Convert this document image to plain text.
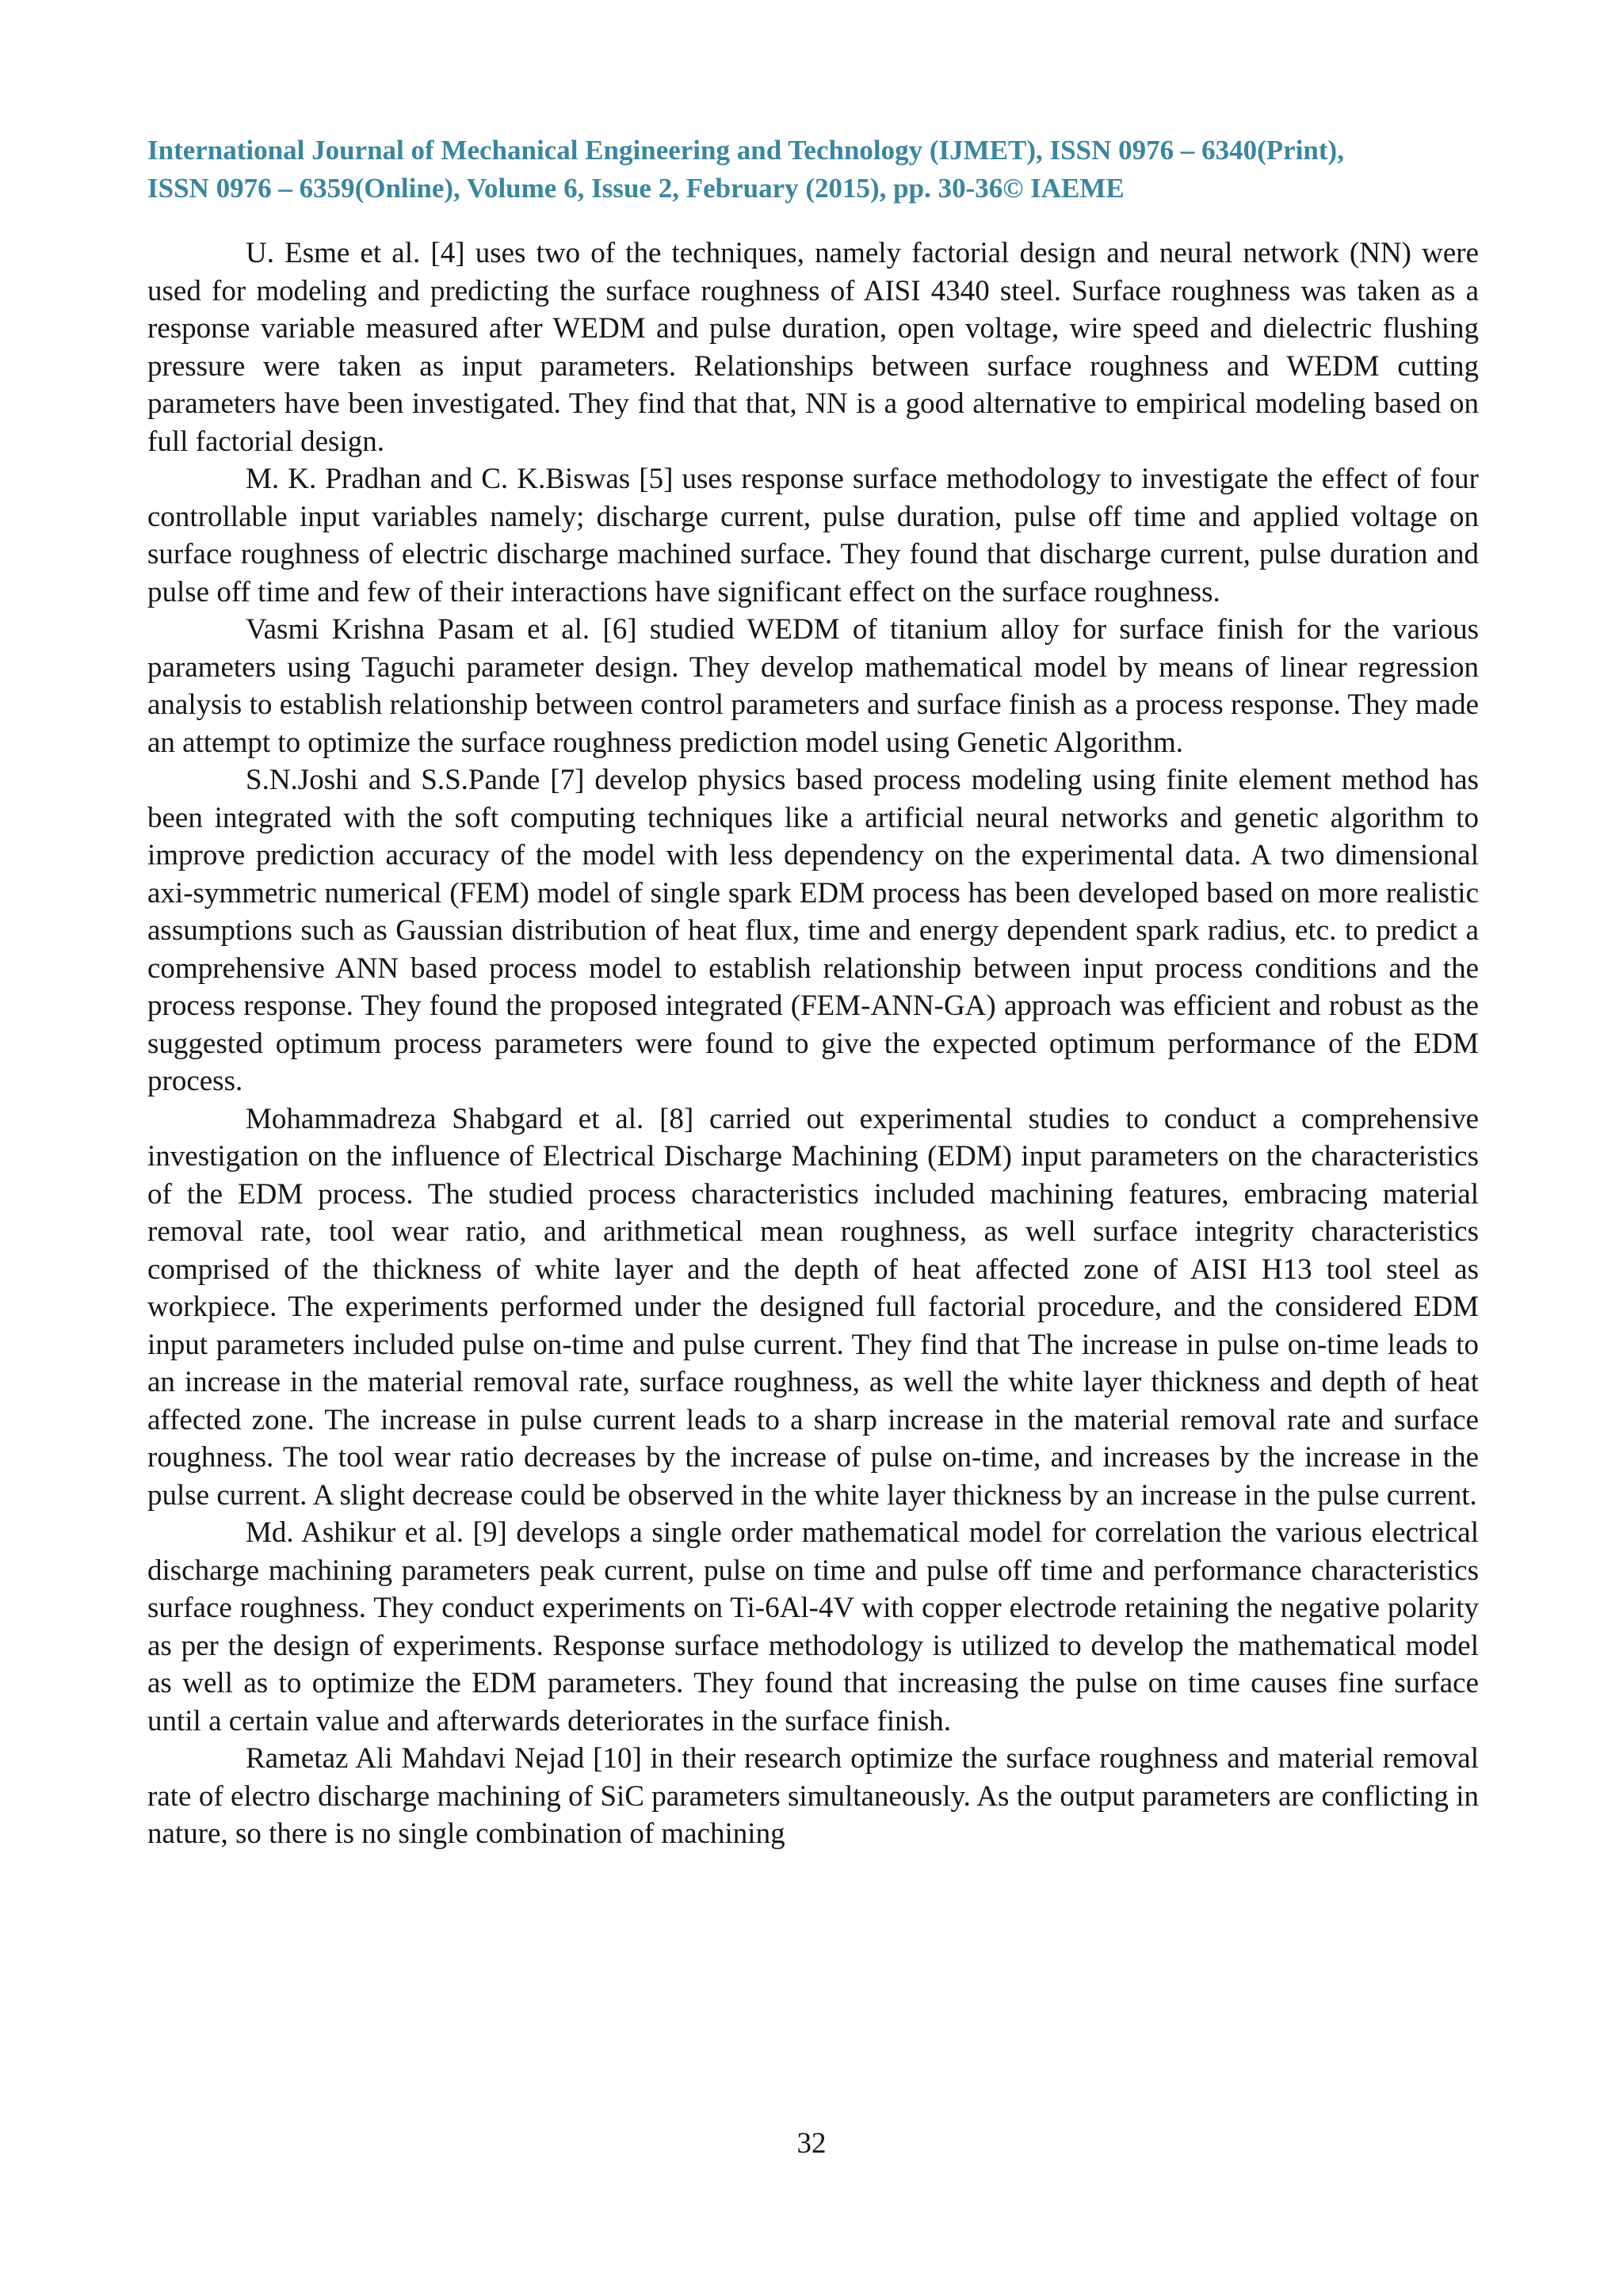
International Journal of Mechanical Engineering and Technology (IJMET), ISSN 0976 – 6340(Print),

ISSN 0976 – 6359(Online), Volume 6, Issue 2, February (2015), pp. 30-36© IAEME

U. Esme et al. [4] uses two of the techniques, namely factorial design and neural network (NN) were used for modeling and predicting the surface roughness of AISI 4340 steel. Surface roughness was taken as a response variable measured after WEDM and pulse duration, open voltage, wire speed and dielectric flushing pressure were taken as input parameters. Relationships between surface roughness and WEDM cutting parameters have been investigated. They find that that, NN is a good alternative to empirical modeling based on full factorial design.

M. K. Pradhan and C. K.Biswas [5] uses response surface methodology to investigate the effect of four controllable input variables namely; discharge current, pulse duration, pulse off time and applied voltage on surface roughness of electric discharge machined surface. They found that discharge current, pulse duration and pulse off time and few of their interactions have significant effect on the surface roughness.

Vasmi Krishna Pasam et al. [6] studied WEDM of titanium alloy for surface finish for the various parameters using Taguchi parameter design. They develop mathematical model by means of linear regression analysis to establish relationship between control parameters and surface finish as a process response. They made an attempt to optimize the surface roughness prediction model using Genetic Algorithm.

S.N.Joshi and S.S.Pande [7] develop physics based process modeling using finite element method has been integrated with the soft computing techniques like a artificial neural networks and genetic algorithm to improve prediction accuracy of the model with less dependency on the experimental data. A two dimensional axi-symmetric numerical (FEM) model of single spark EDM process has been developed based on more realistic assumptions such as Gaussian distribution of heat flux, time and energy dependent spark radius, etc. to predict a comprehensive ANN based process model to establish relationship between input process conditions and the process response. They found the proposed integrated (FEM-ANN-GA) approach was efficient and robust as the suggested optimum process parameters were found to give the expected optimum performance of the EDM process.

Mohammadreza Shabgard et al. [8] carried out experimental studies to conduct a comprehensive investigation on the influence of Electrical Discharge Machining (EDM) input parameters on the characteristics of the EDM process. The studied process characteristics included machining features, embracing material removal rate, tool wear ratio, and arithmetical mean roughness, as well surface integrity characteristics comprised of the thickness of white layer and the depth of heat affected zone of AISI H13 tool steel as workpiece. The experiments performed under the designed full factorial procedure, and the considered EDM input parameters included pulse on-time and pulse current. They find that The increase in pulse on-time leads to an increase in the material removal rate, surface roughness, as well the white layer thickness and depth of heat affected zone. The increase in pulse current leads to a sharp increase in the material removal rate and surface roughness. The tool wear ratio decreases by the increase of pulse on-time, and increases by the increase in the pulse current. A slight decrease could be observed in the white layer thickness by an increase in the pulse current.

Md. Ashikur et al. [9] develops a single order mathematical model for correlation the various electrical discharge machining parameters peak current, pulse on time and pulse off time and performance characteristics surface roughness. They conduct experiments on Ti-6Al-4V with copper electrode retaining the negative polarity as per the design of experiments. Response surface methodology is utilized to develop the mathematical model as well as to optimize the EDM parameters. They found that increasing the pulse on time causes fine surface until a certain value and afterwards deteriorates in the surface finish.

Rametaz Ali Mahdavi Nejad [10] in their research optimize the surface roughness and material removal rate of electro discharge machining of SiC parameters simultaneously. As the output parameters are conflicting in nature, so there is no single combination of machining

32
